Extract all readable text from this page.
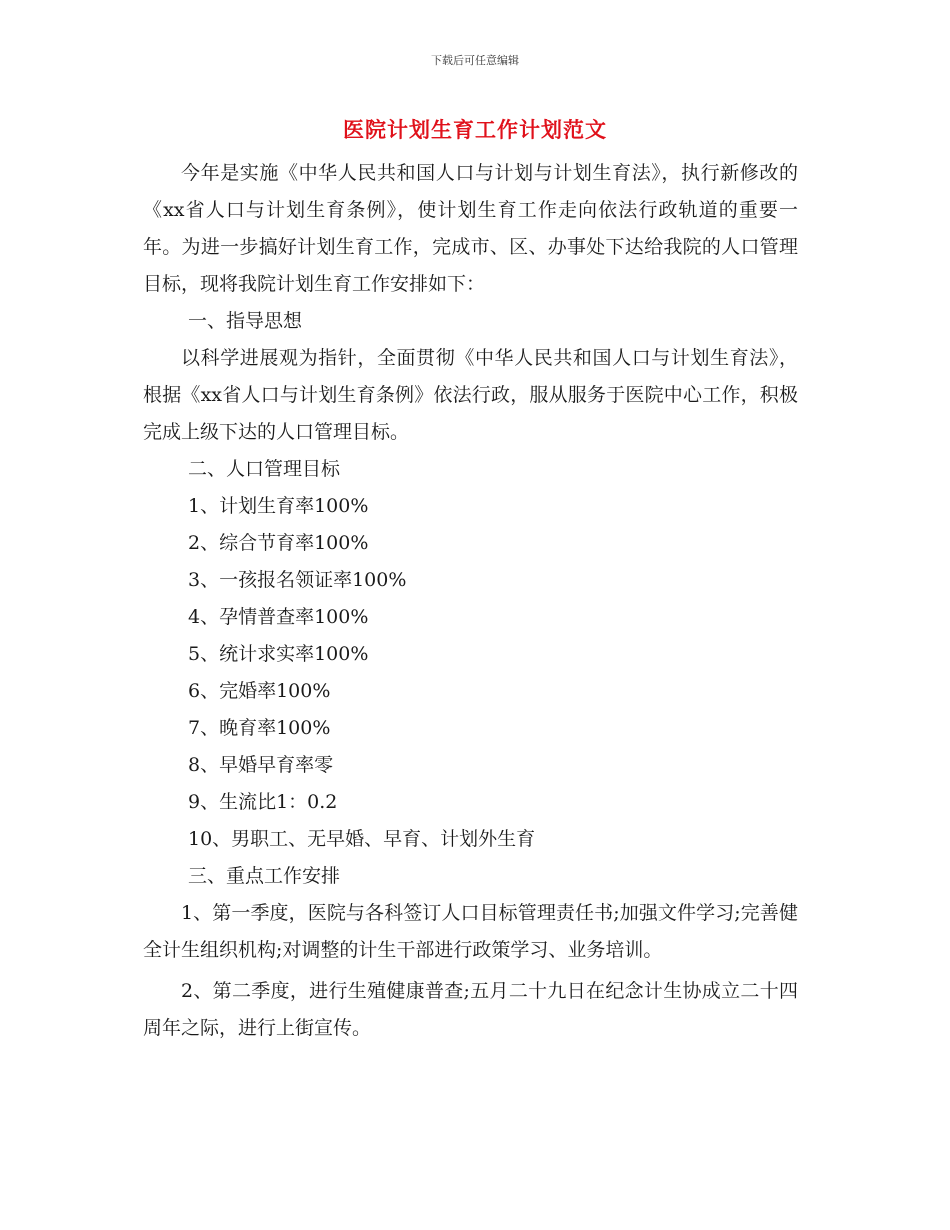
下载后可任意编辑
医院计划生育工作计划范文

今年是实施《中华人民共和国人口与计划与计划生育法》，执行新修改的《xx省人口与计划生育条例》，使计划生育工作走向依法行政轨道的重要一年。为进一步搞好计划生育工作，完成市、区、办事处下达给我院的人口管理目标，现将我院计划生育工作安排如下：

一、指导思想

以科学进展观为指针，全面贯彻《中华人民共和国人口与计划生育法》，根据《xx省人口与计划生育条例》依法行政，服从服务于医院中心工作，积极完成上级下达的人口管理目标。

二、人口管理目标

1、计划生育率100%

2、综合节育率100%

3、一孩报名领证率100%

4、孕情普查率100%

5、统计求实率100%

6、完婚率100%

7、晚育率100%

8、早婚早育率零

9、生流比1：0.2

10、男职工、无早婚、早育、计划外生育

三、重点工作安排

1、第一季度，医院与各科签订人口目标管理责任书;加强文件学习;完善健全计生组织机构;对调整的计生干部进行政策学习、业务培训。

2、第二季度，进行生殖健康普查;五月二十九日在纪念计生协成立二十四周年之际，进行上街宣传。
